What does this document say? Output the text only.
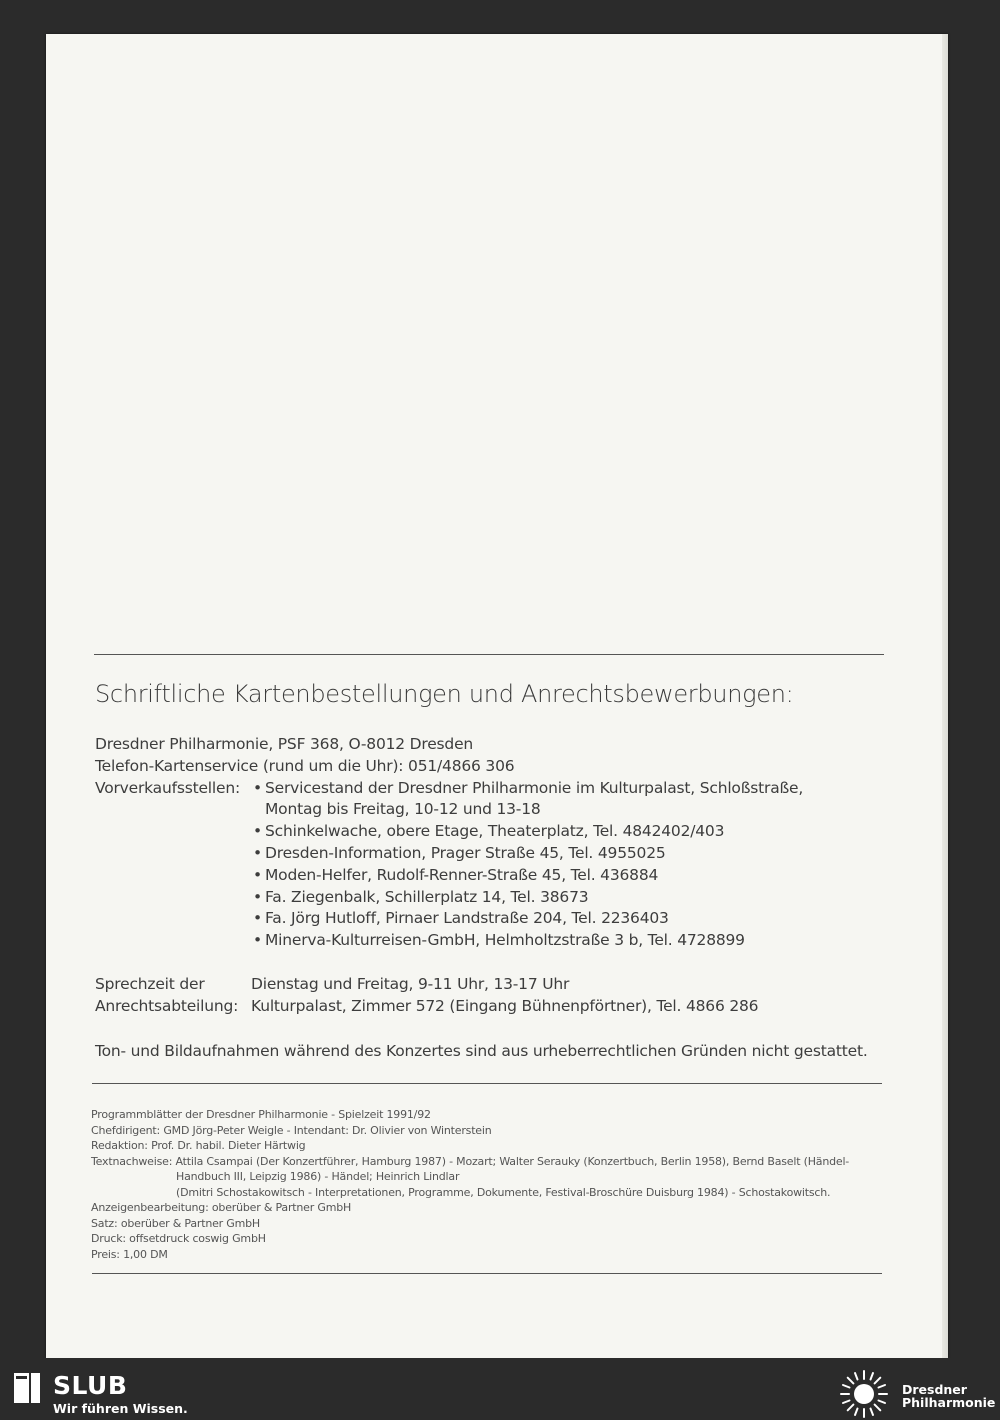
Schriftliche Kartenbestellungen und Anrechtsbewerbungen:
Dresdner Philharmonie, PSF 368, O-8012 Dresden
Telefon-Kartenservice (rund um die Uhr): 051/4866 306
Vorverkaufsstellen: • Servicestand der Dresdner Philharmonie im Kulturpalast, Schloßstraße,
Montag bis Freitag, 10-12 und 13-18
• Schinkelwache, obere Etage, Theaterplatz, Tel. 4842402/403
• Dresden-Information, Prager Straße 45, Tel. 4955025
• Moden-Helfer, Rudolf-Renner-Straße 45, Tel. 436884
• Fa. Ziegenbalk, Schillerplatz 14, Tel. 38673
• Fa. Jörg Hutloff, Pirnaer Landstraße 204, Tel. 2236403
• Minerva-Kulturreisen-GmbH, Helmholtzstraße 3 b, Tel. 4728899
Sprechzeit der
Anrechtsabteilung:
Dienstag und Freitag, 9-11 Uhr, 13-17 Uhr
Kulturpalast, Zimmer 572 (Eingang Bühnenpförtner), Tel. 4866 286
Ton- und Bildaufnahmen während des Konzertes sind aus urheberrechtlichen Gründen nicht gestattet.
Programmblätter der Dresdner Philharmonie - Spielzeit 1991/92
Chefdirigent: GMD Jörg-Peter Weigle - Intendant: Dr. Olivier von Winterstein
Redaktion: Prof. Dr. habil. Dieter Härtwig
Textnachweise: Attila Csampai (Der Konzertführer, Hamburg 1987) - Mozart; Walter Serauky (Konzertbuch, Berlin 1958), Bernd Baselt (Händel-
Handbuch III, Leipzig 1986) - Händel; Heinrich Lindlar
(Dmitri Schostakowitsch - Interpretationen, Programme, Dokumente, Festival-Broschüre Duisburg 1984) - Schostakowitsch.
Anzeigenbearbeitung: oberüber & Partner GmbH
Satz: oberüber & Partner GmbH
Druck: offsetdruck coswig GmbH
Preis: 1,00 DM
SLUB
Wir führen Wissen.
Dresdner
Philharmonie
